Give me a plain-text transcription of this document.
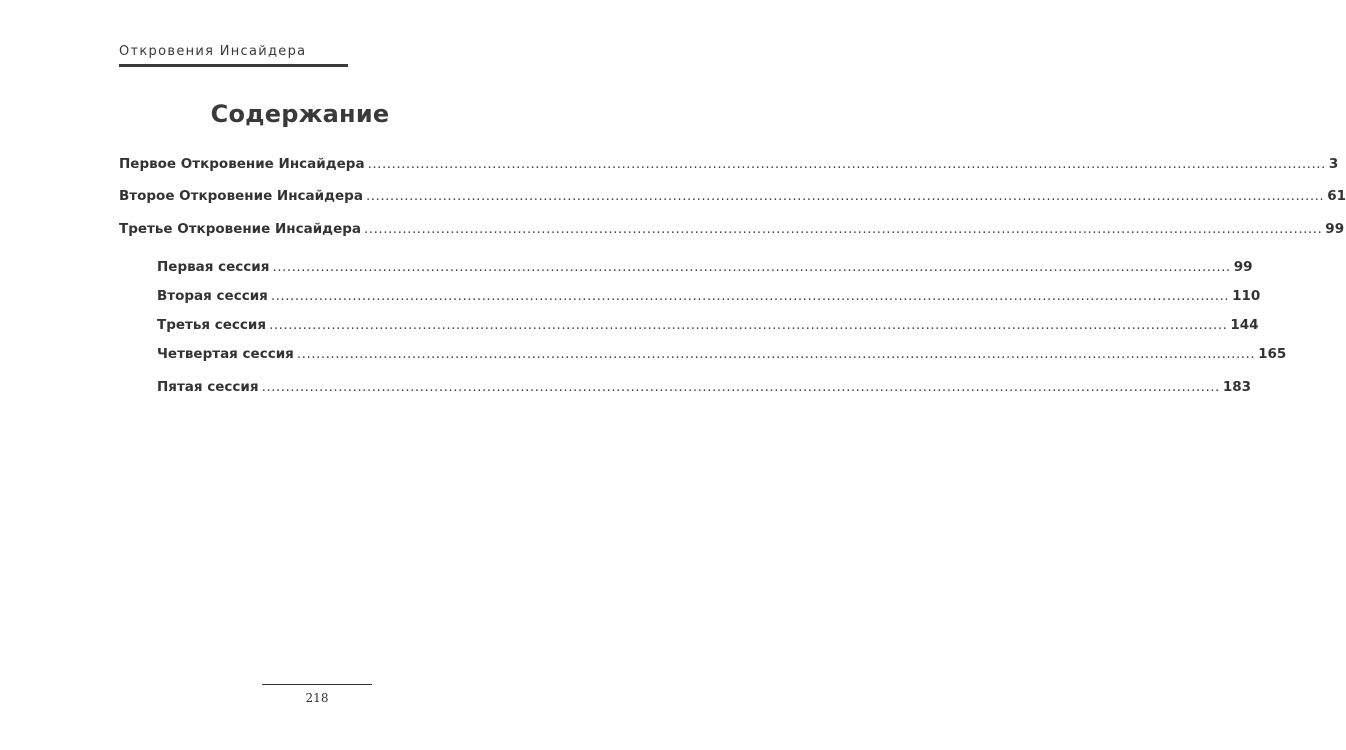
Откровения Инсайдера
Содержание
Первое Откровение Инсайдера ........................................................................................................................................................................................................ 3
Второе Откровение Инсайдера ........................................................................................................................................................................................................ 61
Третье Откровение Инсайдера ........................................................................................................................................................................................................ 99
Первая сессия ........................................................................................................................................................................................................ 99
Вторая сессия ........................................................................................................................................................................................................ 110
Третья сессия ........................................................................................................................................................................................................ 144
Четвертая сессия ........................................................................................................................................................................................................ 165
Пятая сессия ........................................................................................................................................................................................................ 183
218
